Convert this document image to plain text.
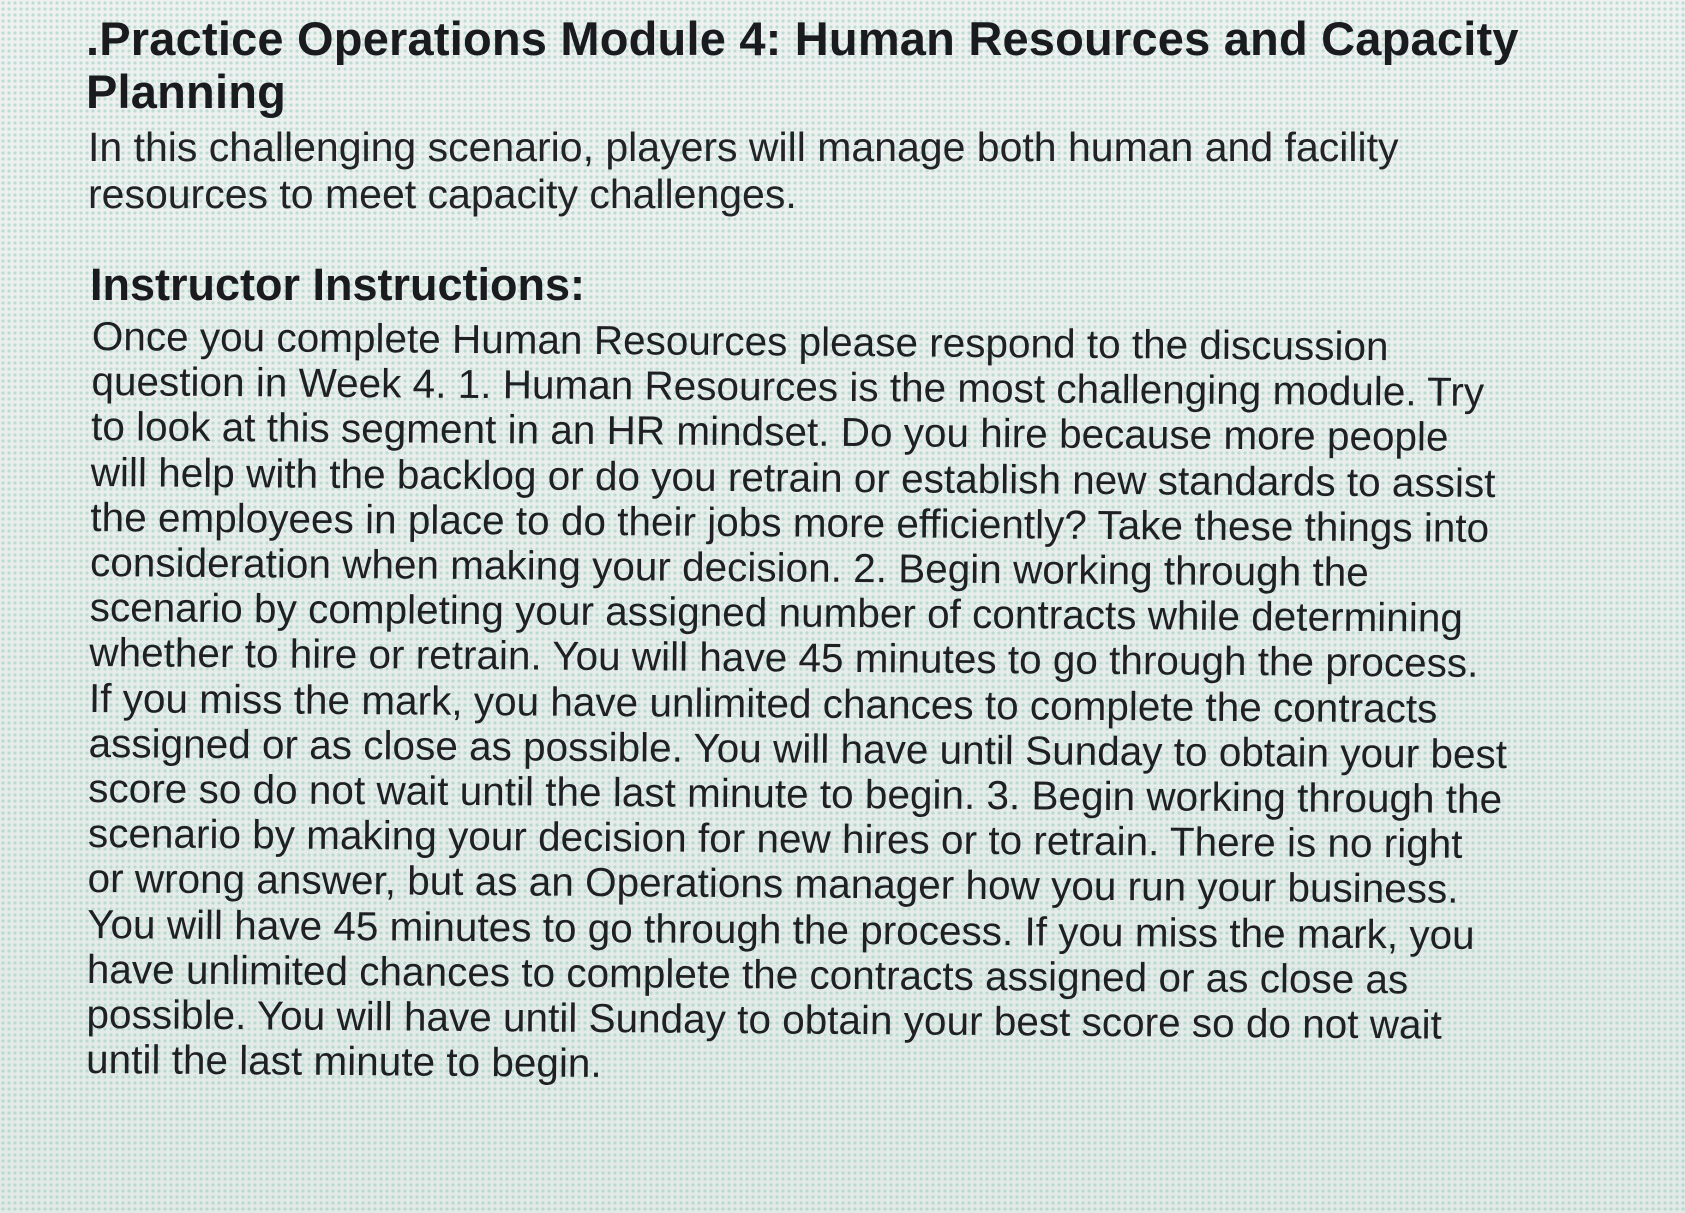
.Practice Operations Module 4: Human Resources and Capacity Planning

In this challenging scenario, players will manage both human and facility resources to meet capacity challenges.

Instructor Instructions:

Once you complete Human Resources please respond to the discussion question in Week 4. 1. Human Resources is the most challenging module. Try to look at this segment in an HR mindset. Do you hire because more people will help with the backlog or do you retrain or establish new standards to assist the employees in place to do their jobs more efficiently? Take these things into consideration when making your decision. 2. Begin working through the scenario by completing your assigned number of contracts while determining whether to hire or retrain. You will have 45 minutes to go through the process. If you miss the mark, you have unlimited chances to complete the contracts assigned or as close as possible. You will have until Sunday to obtain your best score so do not wait until the last minute to begin. 3. Begin working through the scenario by making your decision for new hires or to retrain. There is no right or wrong answer, but as an Operations manager how you run your business. You will have 45 minutes to go through the process. If you miss the mark, you have unlimited chances to complete the contracts assigned or as close as possible. You will have until Sunday to obtain your best score so do not wait until the last minute to begin.
